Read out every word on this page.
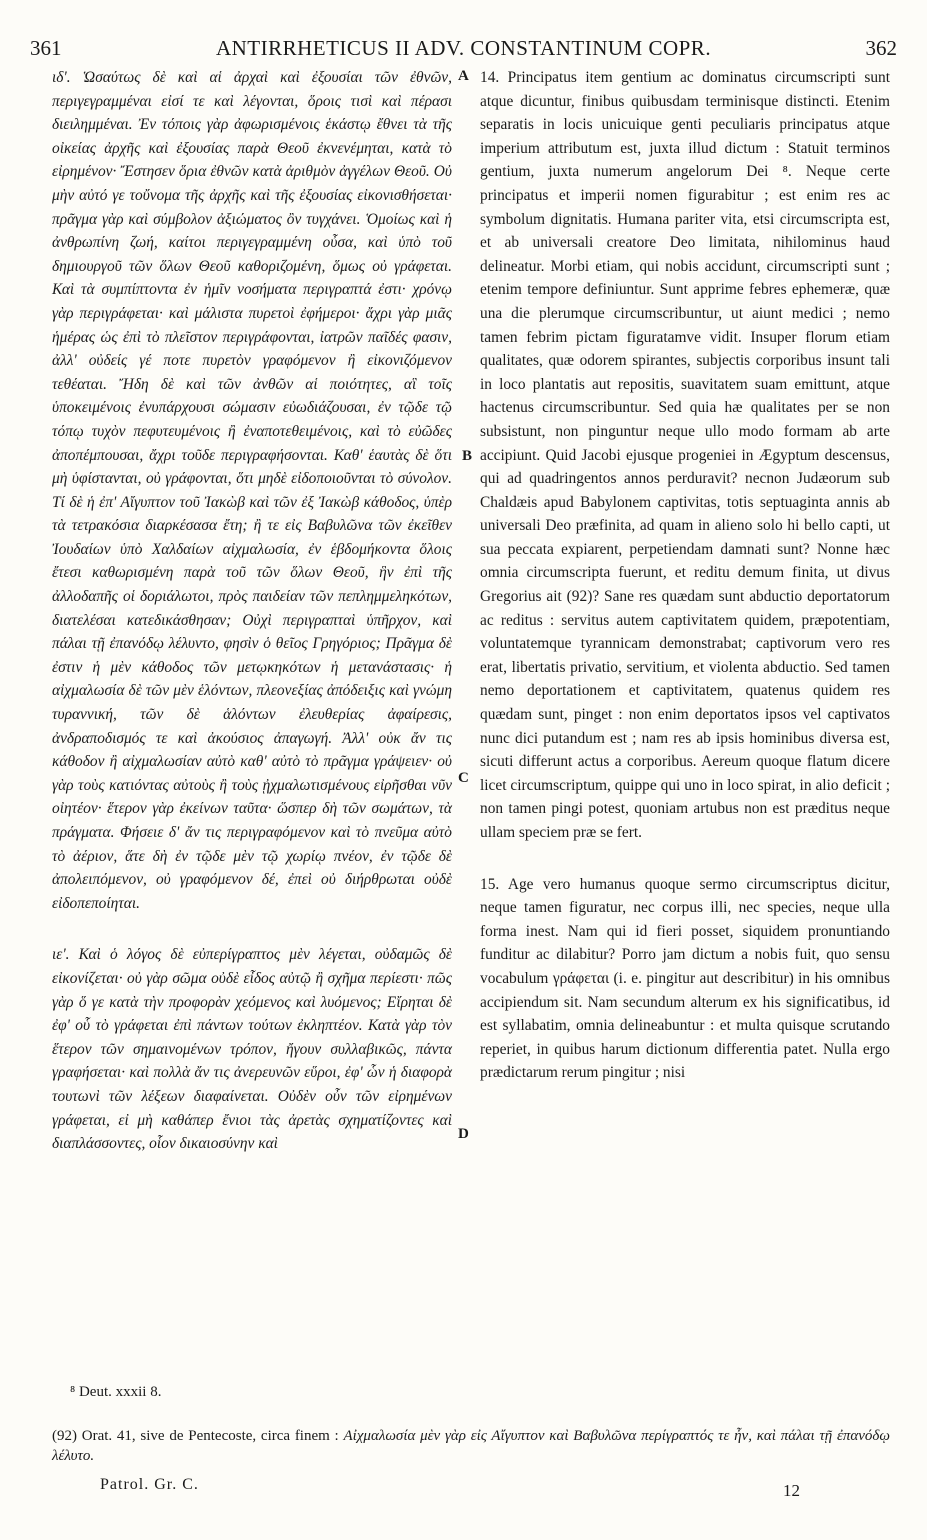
361	ANTIRRHETICUS II ADV. CONSTANTINUM COPR.	362

ιδ'. Ὡσαύτως δὲ καὶ αἱ ἀρχαὶ καὶ ἐξουσίαι τῶν ἐθνῶν, περιγεγραμμέναι εἰσί τε καὶ λέγονται, ὅροις τισὶ καὶ πέρασι διειλημμέναι. Ἐν τόποις γὰρ ἀφωρισμένοις ἑκάστῳ ἔθνει τὰ τῆς οἰκείας ἀρχῆς καὶ ἐξουσίας παρὰ Θεοῦ ἐκνενέμηται, κατὰ τὸ εἰρημένον· Ἔστησεν ὅρια ἐθνῶν κατὰ ἀριθμὸν ἀγγέλων Θεοῦ. Οὐ μὴν αὐτό γε τοὔνομα τῆς ἀρχῆς καὶ τῆς ἐξουσίας εἰκονισθήσεται· πρᾶγμα γὰρ καὶ σύμβολον ἀξιώματος ὂν τυγχάνει. Ὁμοίως καὶ ἡ ἀνθρωπίνη ζωή, καίτοι περιγεγραμμένη οὖσα, καὶ ὑπὸ τοῦ δημιουργοῦ τῶν ὅλων Θεοῦ καθοριζομένη, ὅμως οὐ γράφεται. Καὶ τὰ συμπίπτοντα ἐν ἡμῖν νοσήματα περιγραπτά ἐστι· χρόνῳ γὰρ περιγράφεται· καὶ μάλιστα πυρετοὶ ἐφήμεροι· ἄχρι γὰρ μιᾶς ἡμέρας ὡς ἐπὶ τὸ πλεῖστον περιγράφονται, ἰατρῶν παῖδές φασιν, ἀλλ' οὐδείς γέ ποτε πυρετὸν γραφόμενον ἢ εἰκονιζόμενον τεθέαται. Ἤδη δὲ καὶ τῶν ἀνθῶν αἱ ποιότητες, αἳ τοῖς ὑποκειμένοις ἐνυπάρχουσι σώμασιν εὐωδιάζουσαι, ἐν τῷδε τῷ τόπῳ τυχὸν πεφυτευμένοις ἢ ἐναποτεθειμένοις, καὶ τὸ εὐῶδες ἀποπέμπουσαι, ἄχρι τοῦδε περιγραφήσονται. Καθ' ἑαυτὰς δὲ ὅτι μὴ ὑφίστανται, οὐ γράφονται, ὅτι μηδὲ εἰδοποιοῦνται τὸ σύνολον. Τί δὲ ἡ ἐπ' Αἴγυπτον τοῦ Ἰακὼβ καὶ τῶν ἐξ Ἰακὼβ κάθοδος, ὑπὲρ τὰ τετρακόσια διαρκέσασα ἔτη; ἢ τε εἰς Βαβυλῶνα τῶν ἐκεῖθεν Ἰουδαίων ὑπὸ Χαλδαίων αἰχμαλωσία, ἐν ἑβδομήκοντα ὅλοις ἔτεσι καθωρισμένη παρὰ τοῦ τῶν ὅλων Θεοῦ, ἣν ἐπὶ τῆς ἀλλοδαπῆς οἱ δοριάλωτοι, πρὸς παιδείαν τῶν πεπλημμεληκότων, διατελέσαι κατεδικάσθησαν; Οὐχὶ περιγραπταὶ ὑπῆρχον, καὶ πάλαι τῇ ἐπανόδῳ λέλυντο, φησὶν ὁ θεῖος Γρηγόριος; Πρᾶγμα δὲ ἐστιν ἡ μὲν κάθοδος τῶν μετῳκηκότων ἡ μετανάστασις· ἡ αἰχμαλωσία δὲ τῶν μὲν ἑλόντων, πλεονεξίας ἀπόδειξις καὶ γνώμη τυραννική, τῶν δὲ ἁλόντων ἐλευθερίας ἀφαίρεσις, ἀνδραποδισμός τε καὶ ἀκούσιος ἀπαγωγή. Ἀλλ' οὐκ ἄν τις κάθοδον ἢ αἰχμαλωσίαν αὐτὸ καθ' αὐτὸ τὸ πρᾶγμα γράψειεν· οὐ γὰρ τοὺς κατιόντας αὐτοὺς ἢ τοὺς ᾐχμαλωτισμένους εἰρῆσθαι νῦν οἰητέον· ἕτερον γὰρ ἐκείνων ταῦτα· ὥσπερ δὴ τῶν σωμάτων, τὰ πράγματα. Φήσειε δ' ἄν τις περιγραφόμενον καὶ τὸ πνεῦμα αὐτὸ τὸ ἀέριον, ἅτε δὴ ἐν τῷδε μὲν τῷ χωρίῳ πνέον, ἐν τῷδε δὲ ἀπολειπόμενον, οὐ γραφόμενον δέ, ἐπεὶ οὐ διήρθρωται οὐδὲ εἰδοπεποίηται.

ιε'. Καὶ ὁ λόγος δὲ εὐπερίγραπτος μὲν λέγεται, οὐδαμῶς δὲ εἰκονίζεται· οὐ γὰρ σῶμα οὐδὲ εἶδος αὐτῷ ἢ σχῆμα περίεστι· πῶς γὰρ ὅ γε κατὰ τὴν προφορὰν χεόμενος καὶ λυόμενος; Εἴρηται δὲ ἐφ' οὗ τὸ γράφεται ἐπὶ πάντων τούτων ἐκληπτέον. Κατὰ γὰρ τὸν ἕτερον τῶν σημαινομένων τρόπον, ἤγουν συλλαβικῶς, πάντα γραφήσεται· καὶ πολλὰ ἄν τις ἀνερευνῶν εὕροι, ἐφ' ὧν ἡ διαφορὰ τουτωνὶ τῶν λέξεων διαφαίνεται. Οὐδὲν οὖν τῶν εἰρημένων γράφεται, εἰ μὴ καθάπερ ἔνιοι τὰς ἀρετὰς σχηματίζοντες καὶ διαπλάσσοντες, οἷον δικαιοσύνην καὶ

14. Principatus item gentium ac dominatus circumscripti sunt atque dicuntur, finibus quibusdam terminisque distincti. Etenim separatis in locis unicuique genti peculiaris principatus atque imperium attributum est, juxta illud dictum : Statuit terminos gentium, juxta numerum angelorum Dei ⁸. Neque certe principatus et imperii nomen figurabitur ; est enim res ac symbolum dignitatis. Humana pariter vita, etsi circumscripta est, et ab universali creatore Deo limitata, nihilominus haud delineatur. Morbi etiam, qui nobis accidunt, circumscripti sunt ; etenim tempore definiuntur. Sunt apprime febres ephemeræ, quæ una die plerumque circumscribuntur, ut aiunt medici ; nemo tamen febrim pictam figuratamve vidit. Insuper florum etiam qualitates, quæ odorem spirantes, subjectis corporibus insunt tali in loco plantatis aut repositis, suavitatem suam emittunt, atque hactenus circumscribuntur. Sed quia hæ qualitates per se non subsistunt, non pinguntur neque ullo modo formam ab arte accipiunt. Quid Jacobi ejusque progeniei in Ægyptum descensus, qui ad quadringentos annos perduravit? necnon Judæorum sub Chaldæis apud Babylonem captivitas, totis septuaginta annis ab universali Deo præfinita, ad quam in alieno solo hi bello capti, ut sua peccata expiarent, perpetiendam damnati sunt? Nonne hæc omnia circumscripta fuerunt, et reditu demum finita, ut divus Gregorius ait (92)? Sane res quædam sunt abductio deportatorum ac reditus : servitus autem captivitatem quidem, præpotentiam, voluntatemque tyrannicam demonstrabat; captivorum vero res erat, libertatis privatio, servitium, et violenta abductio. Sed tamen nemo deportationem et captivitatem, quatenus quidem res quædam sunt, pinget : non enim deportatos ipsos vel captivatos nunc dici putandum est ; nam res ab ipsis hominibus diversa est, sicuti differunt actus a corporibus. Aereum quoque flatum dicere licet circumscriptum, quippe qui uno in loco spirat, in alio deficit ; non tamen pingi potest, quoniam artubus non est præditus neque ullam speciem præ se fert.

15. Age vero humanus quoque sermo circumscriptus dicitur, neque tamen figuratur, nec corpus illi, nec species, neque ulla forma inest. Nam qui id fieri posset, siquidem pronuntiando funditur ac dilabitur? Porro jam dictum a nobis fuit, quo sensu vocabulum γράφεται (i. e. pingitur aut describitur) in his omnibus accipiendum sit. Nam secundum alterum ex his significatibus, id est syllabatim, omnia delineabuntur : et multa quisque scrutando reperiet, in quibus harum dictionum differentia patet. Nulla ergo prædictarum rerum pingitur ; nisi

A
B
C
D
⁸ Deut. xxxii 8.
(92) Orat. 41, sive de Pentecoste, circa finem : Αἰχμαλωσία μὲν γὰρ εἰς Αἴγυπτον καὶ Βαβυλῶνα περίγραπτός τε ἦν, καὶ πάλαι τῇ ἐπανόδῳ λέλυτο.
Patrol. Gr. C.	12
